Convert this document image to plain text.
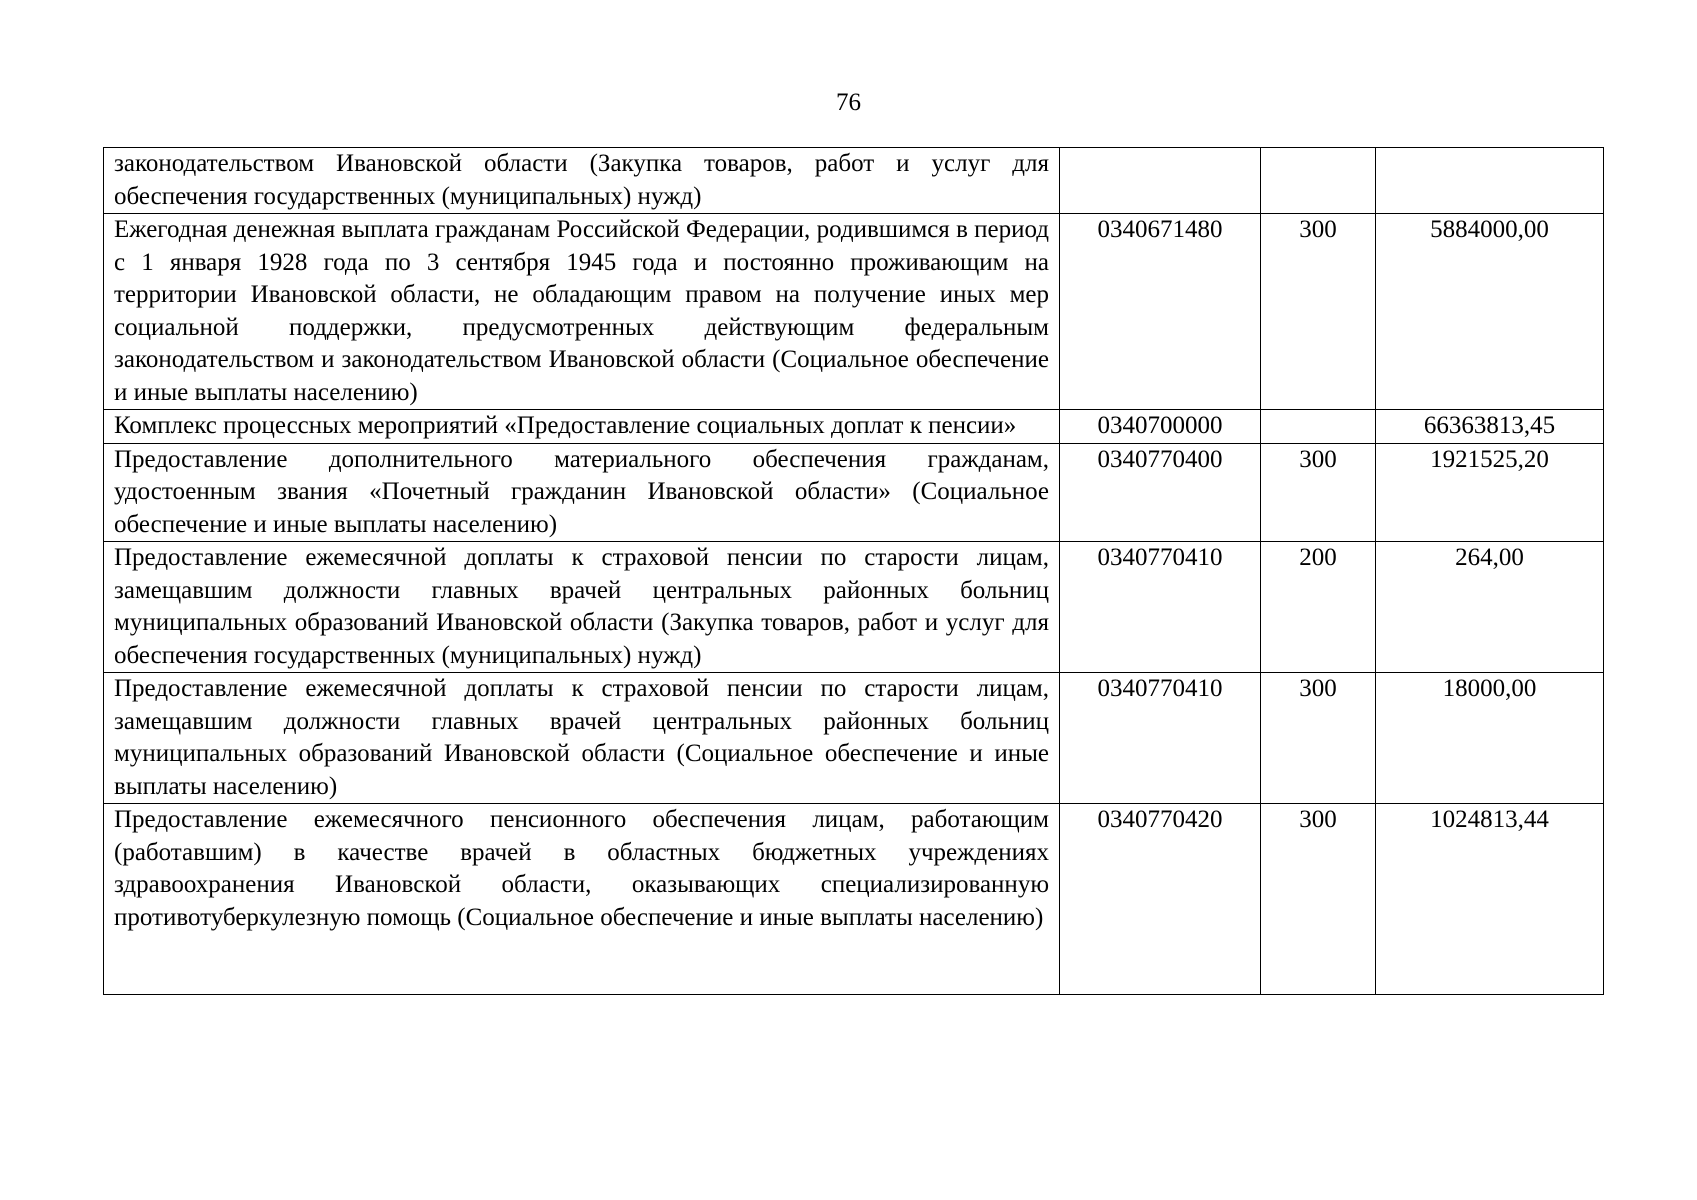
76
законодательством Ивановской области (Закупка товаров, работ и услуг для обеспечения государственных (муниципальных) нужд)			
Ежегодная денежная выплата гражданам Российской Федерации, родившимся в период с 1 января 1928 года по 3 сентября 1945 года и постоянно проживающим на территории Ивановской области, не обладающим правом на получение иных мер социальной поддержки, предусмотренных действующим федеральным законодательством и законодательством Ивановской области (Социальное обеспечение и иные выплаты населению)	0340671480	300	5884000,00
Комплекс процессных мероприятий «Предоставление социальных доплат к пенсии»	0340700000		66363813,45
Предоставление дополнительного материального обеспечения гражданам, удостоенным звания «Почетный гражданин Ивановской области» (Социальное обеспечение и иные выплаты населению)	0340770400	300	1921525,20
Предоставление ежемесячной доплаты к страховой пенсии по старости лицам, замещавшим должности главных врачей центральных районных больниц муниципальных образований Ивановской области (Закупка товаров, работ и услуг для обеспечения государственных (муниципальных) нужд)	0340770410	200	264,00
Предоставление ежемесячной доплаты к страховой пенсии по старости лицам, замещавшим должности главных врачей центральных районных больниц муниципальных образований Ивановской области (Социальное обеспечение и иные выплаты населению)	0340770410	300	18000,00
Предоставление ежемесячного пенсионного обеспечения лицам, работающим (работавшим) в качестве врачей в областных бюджетных учреждениях здравоохранения Ивановской области, оказывающих специализированную противотуберкулезную помощь (Социальное обеспечение и иные выплаты населению)	0340770420	300	1024813,44
